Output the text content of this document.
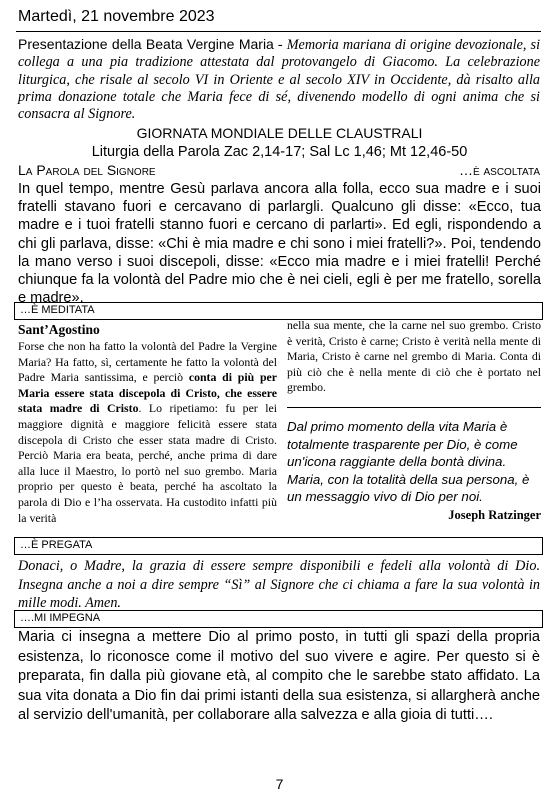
Martedì, 21 novembre 2023
Presentazione della Beata Vergine Maria - Memoria mariana di origine devozionale, si collega a una pia tradizione attestata dal protovangelo di Giacomo. La celebrazione liturgica, che risale al secolo VI in Oriente e al secolo XIV in Occidente, dà risalto alla prima donazione totale che Maria fece di sé, divenendo modello di ogni anima che si consacra al Signore.
GIORNATA MONDIALE DELLE CLAUSTRALI
Liturgia della Parola Zac 2,14-17; Sal Lc 1,46; Mt 12,46-50
La Parola del Signore	…è ascoltata
In quel tempo, mentre Gesù parlava ancora alla folla, ecco sua madre e i suoi fratelli stavano fuori e cercavano di parlargli. Qualcuno gli disse: «Ecco, tua madre e i tuoi fratelli stanno fuori e cercano di parlarti». Ed egli, rispondendo a chi gli parlava, disse: «Chi è mia madre e chi sono i miei fratelli?». Poi, tendendo la mano verso i suoi discepoli, disse: «Ecco mia madre e i miei fratelli! Perché chiunque fa la volontà del Padre mio che è nei cieli, egli è per me fratello, sorella e madre».
…È MEDITATA
Sant’Agostino
Forse che non ha fatto la volontà del Padre la Vergine Maria? Ha fatto, sì, certamente he fatto la volontà del Padre Maria santissima, e perciò conta di più per Maria essere stata discepola di Cristo, che essere stata madre di Cristo. Lo ripetiamo: fu per lei maggiore dignità e maggiore felicità essere stata discepola di Cristo che esser stata madre di Cristo. Perciò Maria era beata, perché, anche prima di dare alla luce il Maestro, lo portò nel suo grembo. Maria proprio per questo è beata, perché ha ascoltato la parola di Dio e l’ha osservata. Ha custodito infatti più la verità
nella sua mente, che la carne nel suo grembo. Cristo è verità, Cristo è carne; Cristo è verità nella mente di Maria, Cristo è carne nel grembo di Maria. Conta di più ciò che è nella mente di ciò che è portato nel grembo.
Dal primo momento della vita Maria è totalmente trasparente per Dio, è come un'icona raggiante della bontà divina. Maria, con la totalità della sua persona, è un messaggio vivo di Dio per noi.
Joseph Ratzinger
…È PREGATA
Donaci, o Madre, la grazia di essere sempre disponibili e fedeli alla volontà di Dio. Insegna anche a noi a dire sempre “Sì” al Signore che ci chiama a fare la sua volontà in mille modi. Amen.
….MI IMPEGNA
Maria ci insegna a mettere Dio al primo posto, in tutti gli spazi della propria esistenza, lo riconosce come il motivo del suo vivere e agire. Per questo si è preparata, fin dalla più giovane età, al compito che le sarebbe stato affidato. La sua vita donata a Dio fin dai primi istanti della sua esistenza, si allargherà anche al servizio dell'umanità, per collaborare alla salvezza e alla gioia di tutti….
7
